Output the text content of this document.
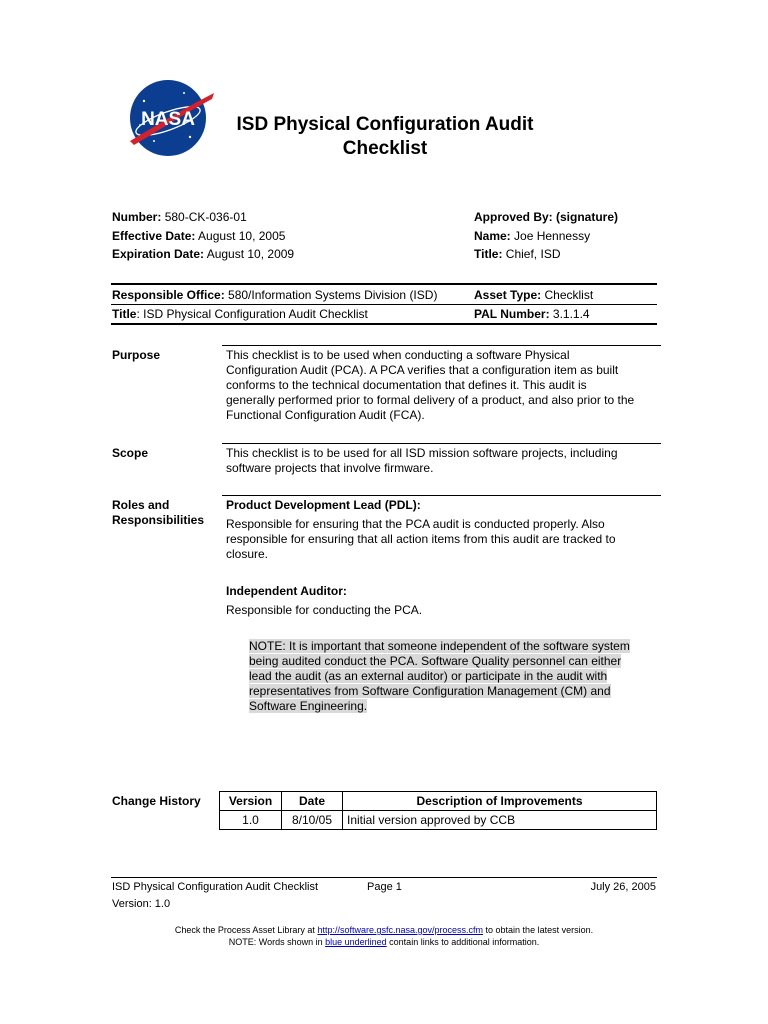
NASA	ISD Physical Configuration Audit
Checklist
Number: 580-CK-036-01
Effective Date: August 10, 2005
Expiration Date: August 10, 2009
Approved By: (signature)
Name: Joe Hennessy
Title: Chief, ISD
Responsible Office: 580/Information Systems Division (ISD)	Asset Type: Checklist
Title: ISD Physical Configuration Audit Checklist	PAL Number: 3.1.1.4
Purpose	This checklist is to be used when conducting a software Physical
Configuration Audit (PCA). A PCA verifies that a configuration item as built
conforms to the technical documentation that defines it. This audit is
generally performed prior to formal delivery of a product, and also prior to the
Functional Configuration Audit (FCA).
Scope	This checklist is to be used for all ISD mission software projects, including
software projects that involve firmware.
Roles and
Responsibilities
Product Development Lead (PDL):
Responsible for ensuring that the PCA audit is conducted properly. Also
responsible for ensuring that all action items from this audit are tracked to
closure.
Independent Auditor:
Responsible for conducting the PCA.
NOTE: It is important that someone independent of the software system
being audited conduct the PCA. Software Quality personnel can either
lead the audit (as an external auditor) or participate in the audit with
representatives from Software Configuration Management (CM) and
Software Engineering.
Change History Version	Date	Description of Improvements
1.0	8/10/05	Initial version approved by CCB
ISD Physical Configuration Audit Checklist	Page 1	July 26, 2005
Version: 1.0
Check the Process Asset Library at http://software.gsfc.nasa.gov/process.cfm to obtain the latest version.
NOTE: Words shown in blue underlined contain links to additional information.
